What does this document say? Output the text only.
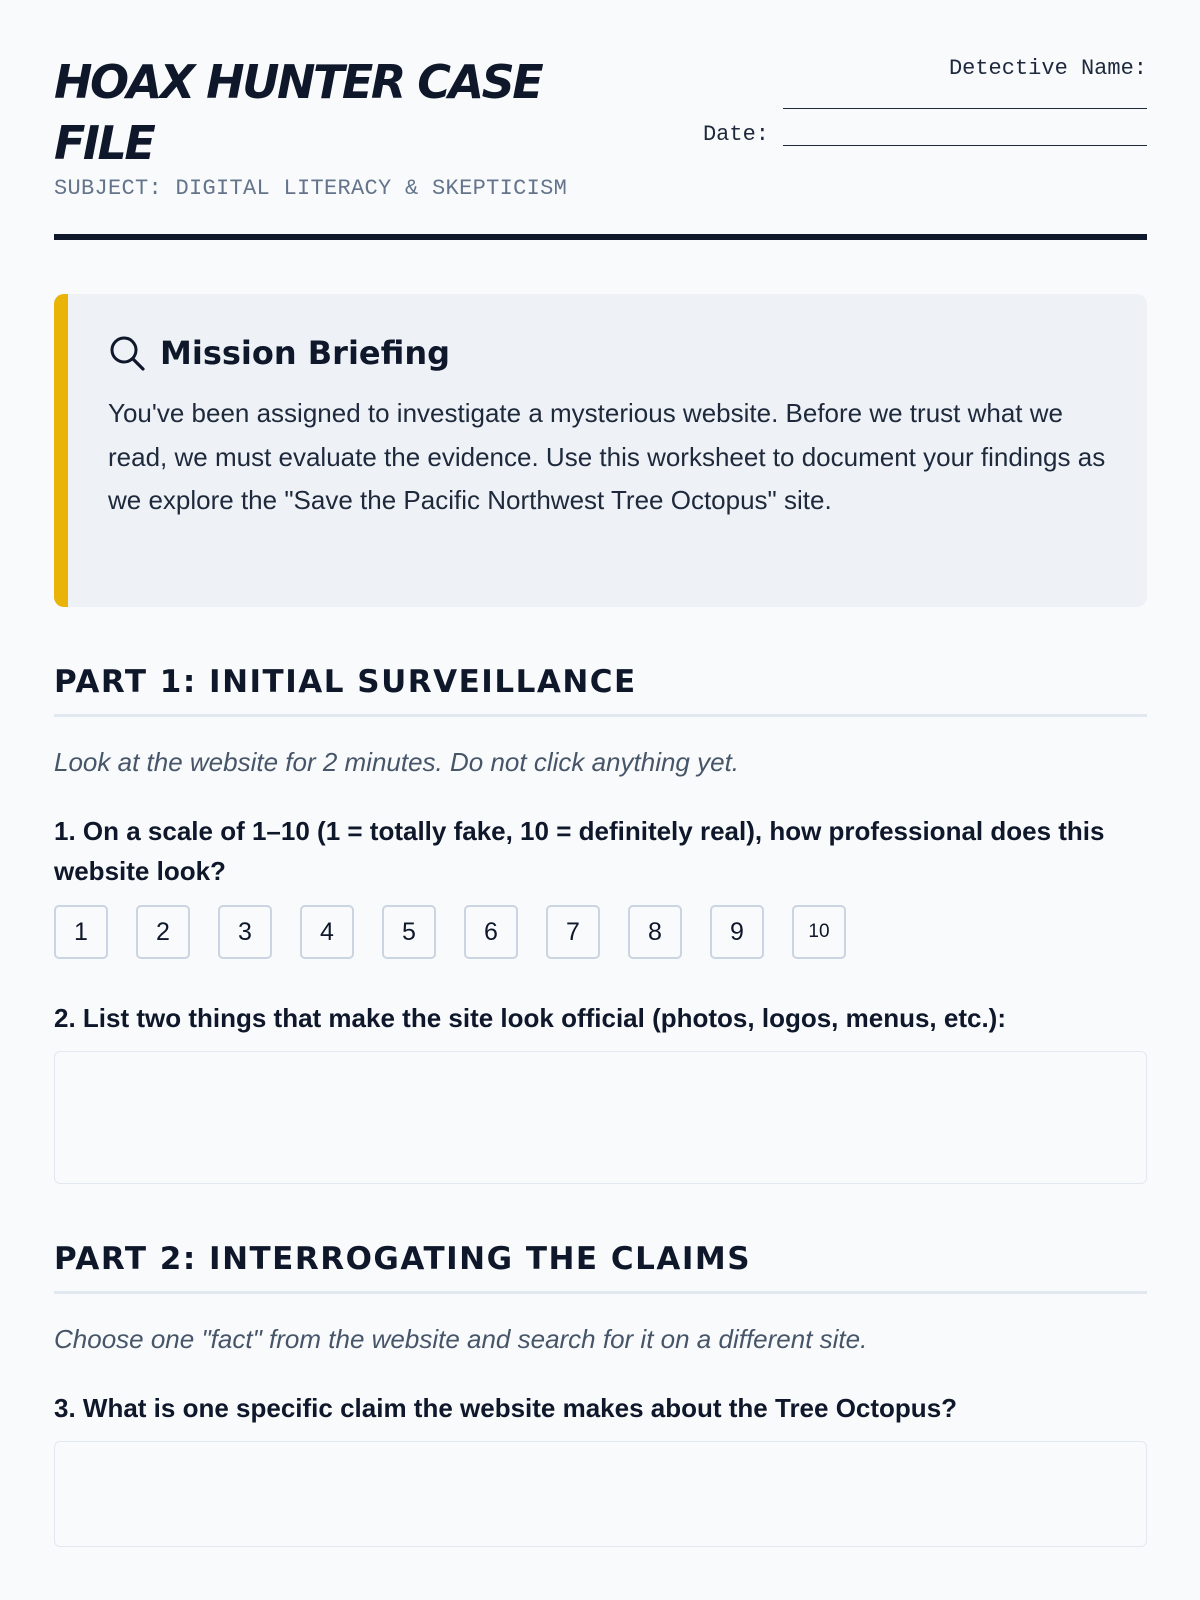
HOAX HUNTER CASE FILE
SUBJECT: DIGITAL LITERACY & SKEPTICISM
Detective Name:
Date:
Mission Briefing
You've been assigned to investigate a mysterious website. Before we trust what we read, we must evaluate the evidence. Use this worksheet to document your findings as we explore the "Save the Pacific Northwest Tree Octopus" site.
PART 1: INITIAL SURVEILLANCE
Look at the website for 2 minutes. Do not click anything yet.
1. On a scale of 1–10 (1 = totally fake, 10 = definitely real), how professional does this website look?
1	2	3	4	5	6	7	8	9	10
2. List two things that make the site look official (photos, logos, menus, etc.):
PART 2: INTERROGATING THE CLAIMS
Choose one "fact" from the website and search for it on a different site.
3. What is one specific claim the website makes about the Tree Octopus?
